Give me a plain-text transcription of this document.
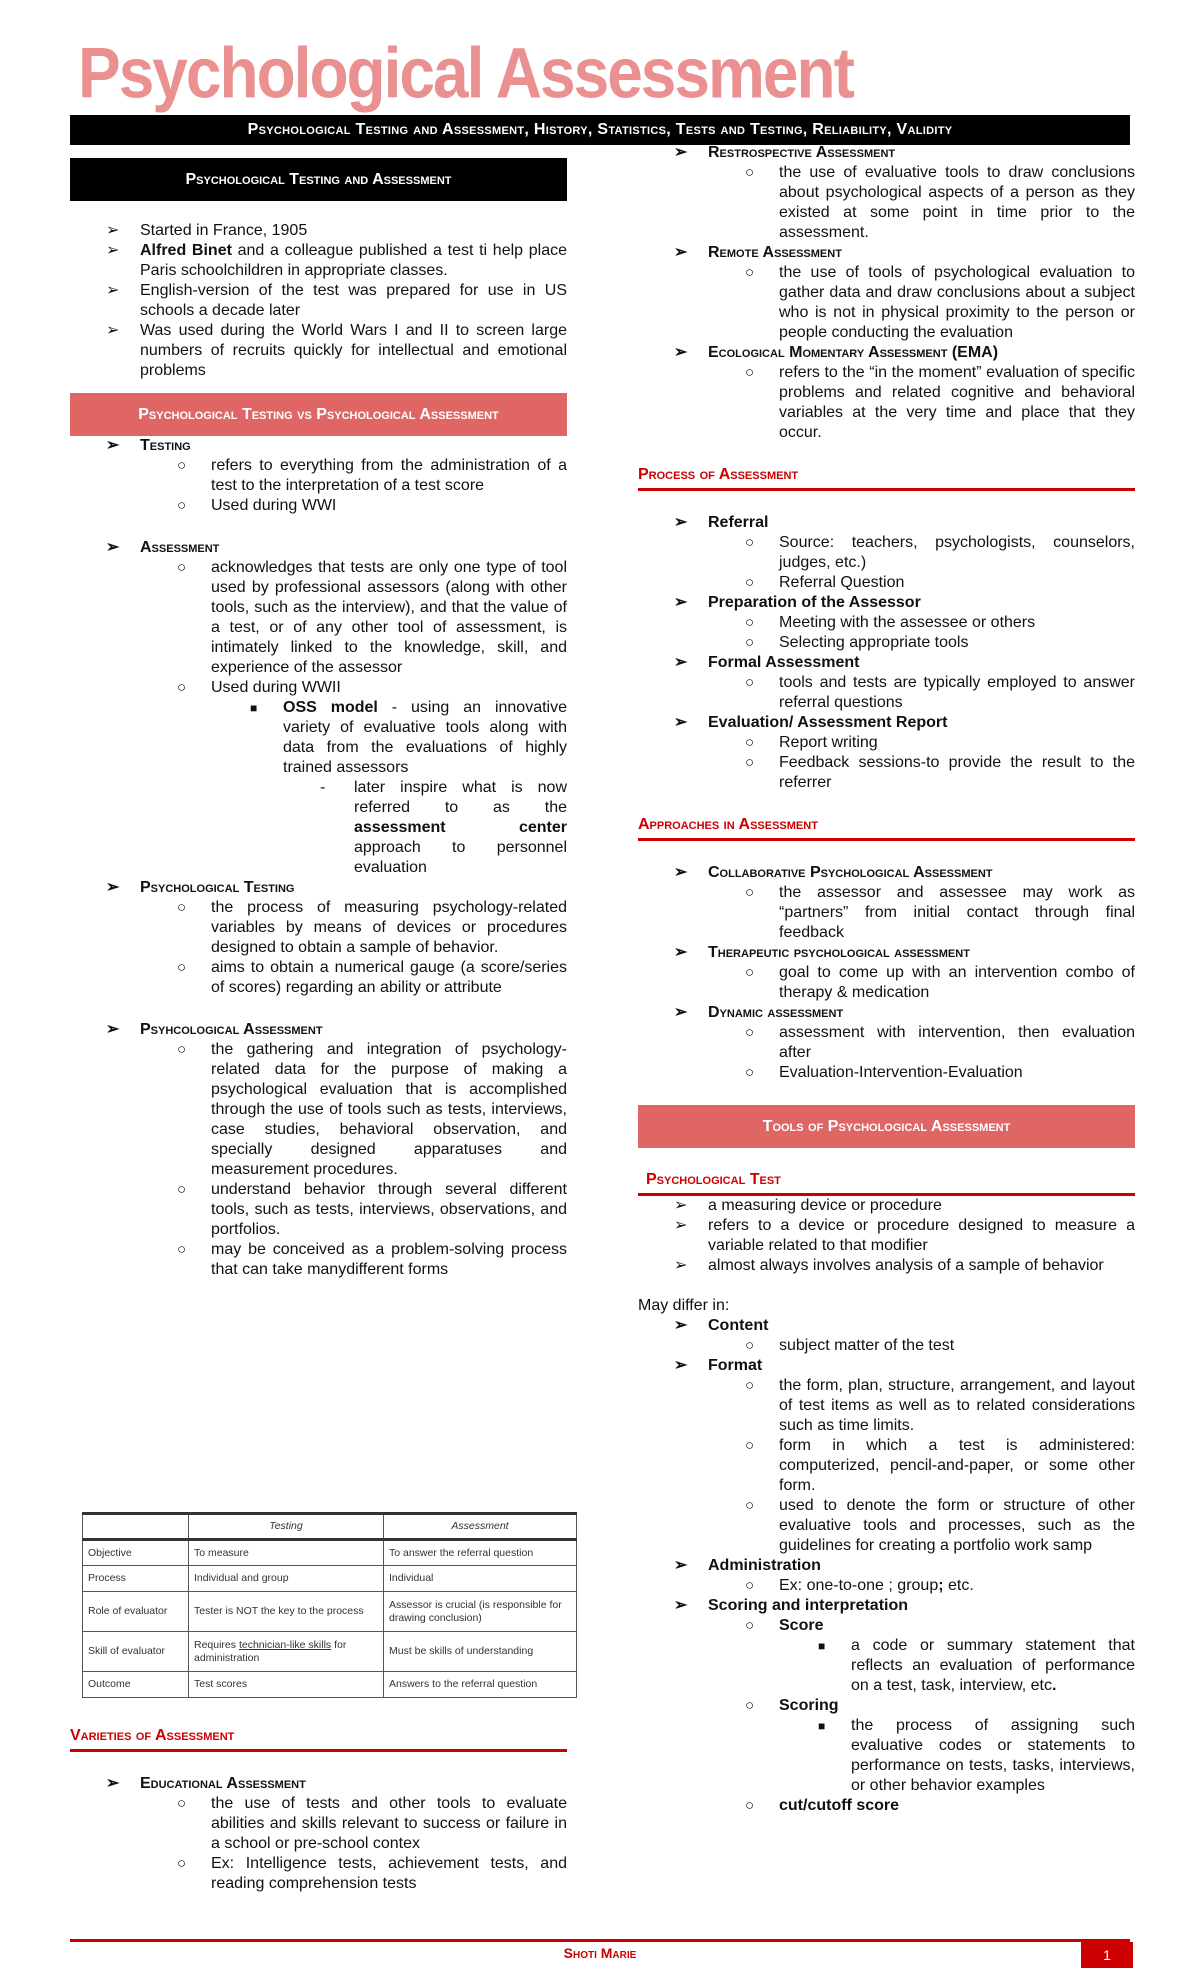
Psychological Assessment
Psychological Testing and Assessment, History, Statistics, Tests and Testing, Reliability, Validity
Psychological Testing and Assessment
➢ Started in France, 1905
➢ Alfred Binet and a colleague published a test ti help place Paris schoolchildren in appropriate classes.
➢ English-version of the test was prepared for use in US schools a decade later
➢ Was used during the World Wars I and II to screen large numbers of recruits quickly for intellectual and emotional problems
Psychological Testing vs Psychological Assessment
➢ Testing
○ refers to everything from the administration of a test to the interpretation of a test score
○ Used during WWI
➢ Assessment
○ acknowledges that tests are only one type of tool used by professional assessors (along with other tools, such as the interview), and that the value of a test, or of any other tool of assessment, is intimately linked to the knowledge, skill, and experience of the assessor
○ Used during WWII
■ OSS model - using an innovative variety of evaluative tools along with data from the evaluations of highly trained assessors
- later inspire what is now referred to as the assessment center approach to personnel evaluation
➢ Psychological Testing
○ the process of measuring psychology-related variables by means of devices or procedures designed to obtain a sample of behavior.
○ aims to obtain a numerical gauge (a score/series of scores) regarding an ability or attribute
➢ Psyhcological Assessment
○ the gathering and integration of psychology-related data for the purpose of making a psychological evaluation that is accomplished through the use of tools such as tests, interviews, case studies, behavioral observation, and specially designed apparatuses and measurement procedures.
○ understand behavior through several different tools, such as tests, interviews, observations, and portfolios.
○ may be conceived as a problem-solving process that can take manydifferent forms
	Testing	Assessment
Objective	To measure	To answer the referral question
Process	Individual and group	Individual
Role of evaluator	Tester is NOT the key to the process	Assessor is crucial (is responsible for drawing conclusion)
Skill of evaluator	Requires technician-like skills for administration	Must be skills of understanding
Outcome	Test scores	Answers to the referral question
Varieties of Assessment
➢ Educational Assessment
○ the use of tests and other tools to evaluate abilities and skills relevant to success or failure in a school or pre-school contex
○ Ex: Intelligence tests, achievement tests, and reading comprehension tests
➢ Restrospective Assessment
○ the use of evaluative tools to draw conclusions about psychological aspects of a person as they existed at some point in time prior to the assessment.
➢ Remote Assessment
○ the use of tools of psychological evaluation to gather data and draw conclusions about a subject who is not in physical proximity to the person or people conducting the evaluation
➢ Ecological Momentary Assessment (EMA)
○ refers to the “in the moment” evaluation of specific problems and related cognitive and behavioral variables at the very time and place that they occur.
Process of Assessment
➢ Referral
○ Source: teachers, psychologists, counselors, judges, etc.)
○ Referral Question
➢ Preparation of the Assessor
○ Meeting with the assessee or others
○ Selecting appropriate tools
➢ Formal Assessment
○ tools and tests are typically employed to answer referral questions
➢ Evaluation/ Assessment Report
○ Report writing
○ Feedback sessions-to provide the result to the referrer
Approaches in Assessment
➢ Collaborative Psychological Assessment
○ the assessor and assessee may work as “partners” from initial contact through final feedback
➢ Therapeutic psychological assessment
○ goal to come up with an intervention combo of therapy & medication
➢ Dynamic assessment
○ assessment with intervention, then evaluation after
○ Evaluation-Intervention-Evaluation
Tools of Psychological Assessment
Psychological Test
➢ a measuring device or procedure
➢ refers to a device or procedure designed to measure a variable related to that modifier
➢ almost always involves analysis of a sample of behavior
May differ in:
➢ Content
○ subject matter of the test
➢ Format
○ the form, plan, structure, arrangement, and layout of test items as well as to related considerations such as time limits.
○ form in which a test is administered: computerized, pencil-and-paper, or some other form.
○ used to denote the form or structure of other evaluative tools and processes, such as the guidelines for creating a portfolio work samp
➢ Administration
○ Ex: one-to-one ; group; etc.
➢ Scoring and interpretation
○ Score
■ a code or summary statement that reflects an evaluation of performance on a test, task, interview, etc.
○ Scoring
■ the process of assigning such evaluative codes or statements to performance on tests, tasks, interviews, or other behavior examples
○ cut/cutoff score
Shoti Marie	1
